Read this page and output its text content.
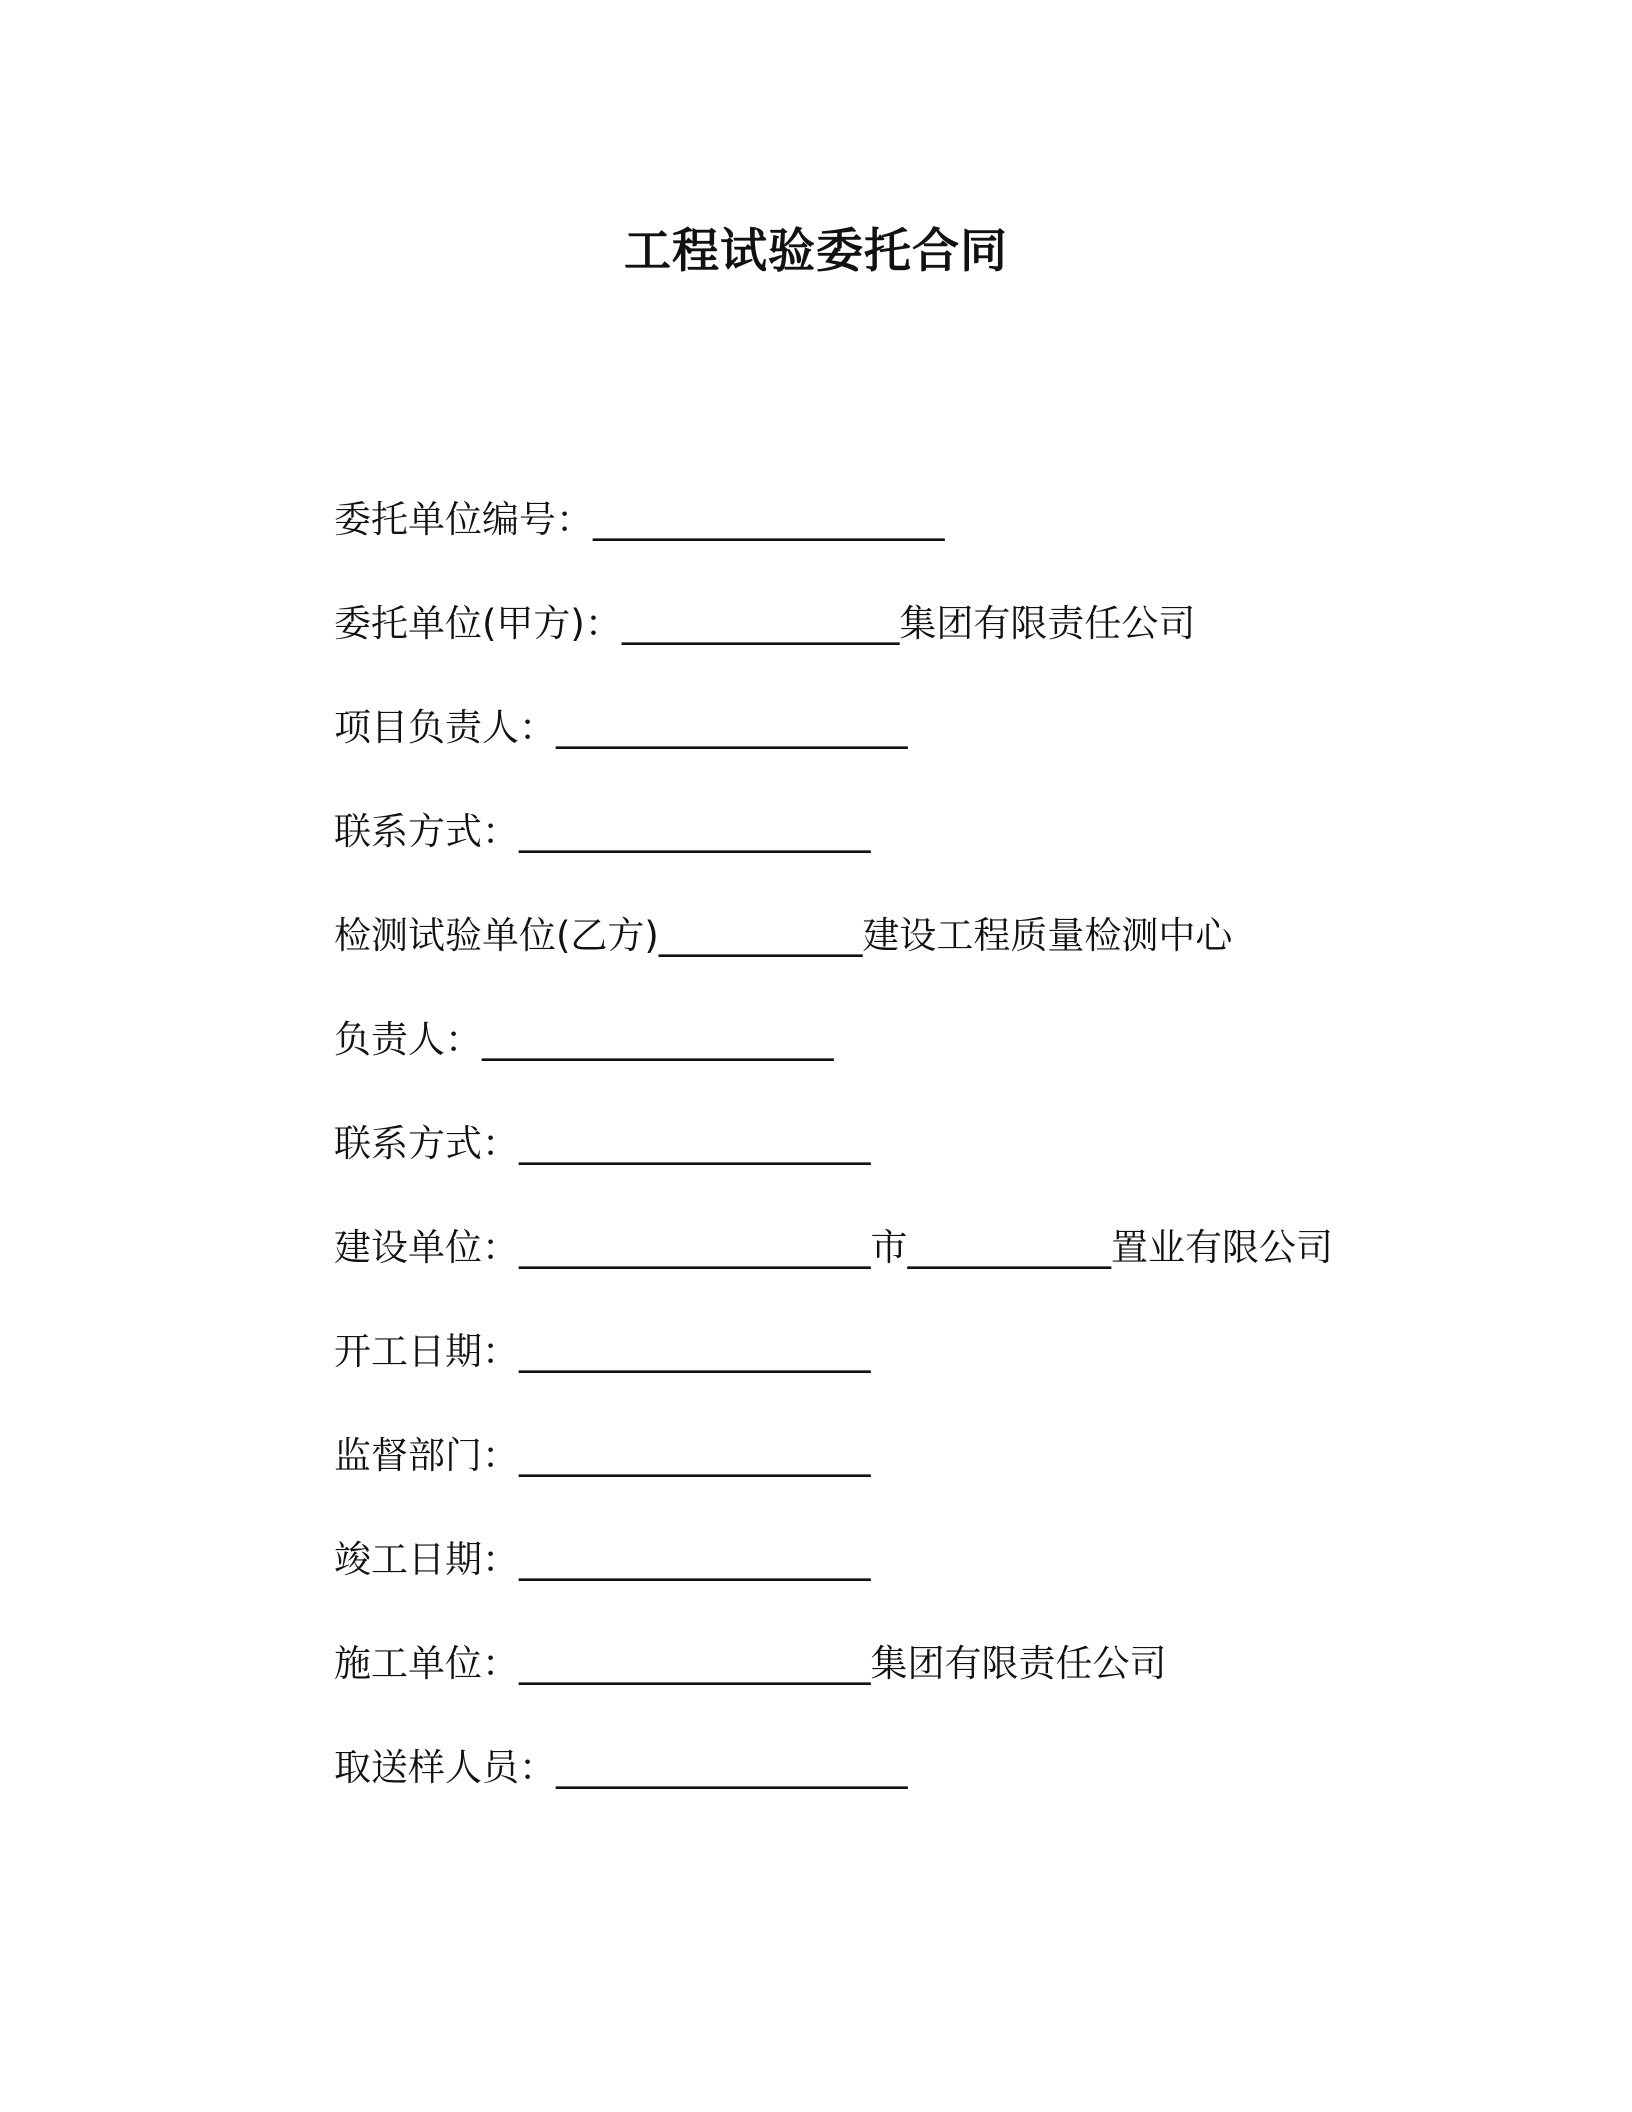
工程试验委托合同
委托单位编号：___________________
委托单位(甲方)：_______________集团有限责任公司
项目负责人：___________________
联系方式：___________________
检测试验单位(乙方)___________建设工程质量检测中心
负责人：___________________
联系方式：___________________
建设单位：___________________市___________置业有限公司
开工日期：___________________
监督部门：___________________
竣工日期：___________________
施工单位：___________________集团有限责任公司
取送样人员：___________________
